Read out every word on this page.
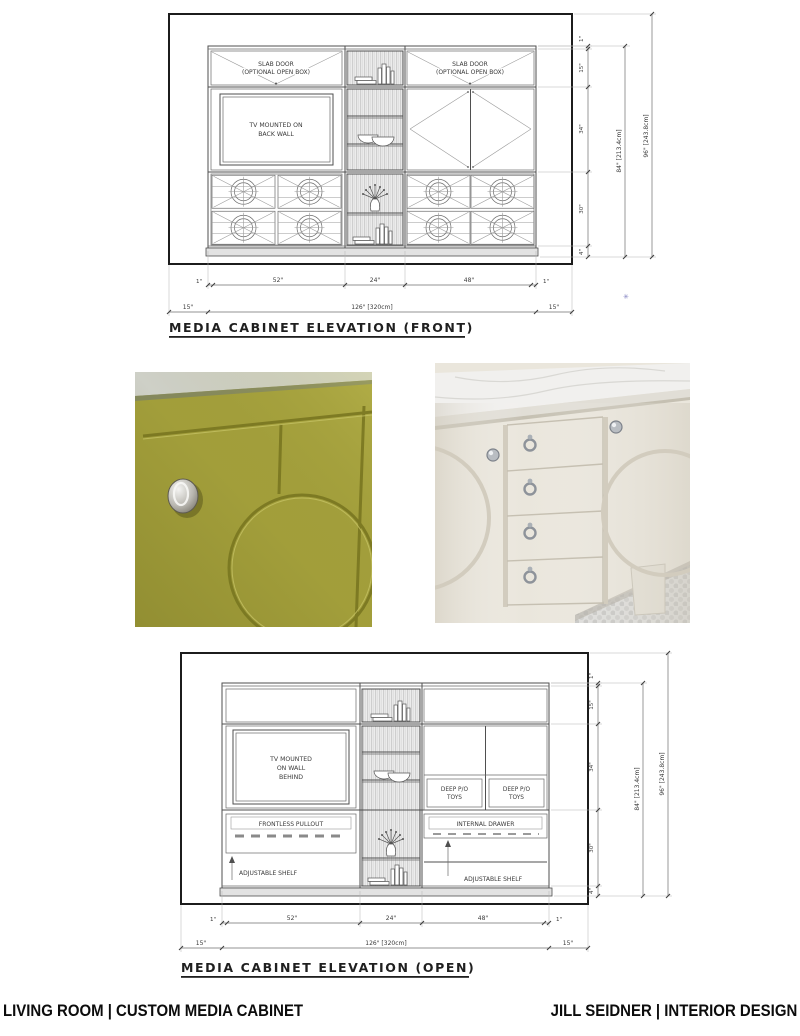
SLAB DOOR
(OPTIONAL OPEN BOX)
SLAB DOOR
(OPTIONAL OPEN BOX)
TV MOUNTED ON
BACK WALL
1"	52"	24"	48"	1"
15"	126" [320cm]	15"
1"
15"
34"
30"
4"
84" [213.4cm]	96" [243.8cm]
MEDIA CABINET ELEVATION (FRONT)
✳
TV MOUNTED
ON WALL
BEHIND
DEEP P/O
TOYS
DEEP P/O
TOYS
FRONTLESS PULLOUT
ADJUSTABLE SHELF
INTERNAL DRAWER
ADJUSTABLE SHELF
1"	52"	24"	48"	1"
15"	126" [320cm]	15"
1"
15"
34"
30"
4"
84" [213.4cm]	96" [243.8cm]
MEDIA CABINET ELEVATION (OPEN)
LIVING ROOM | CUSTOM MEDIA CABINET	JILL SEIDNER | INTERIOR DESIGN
